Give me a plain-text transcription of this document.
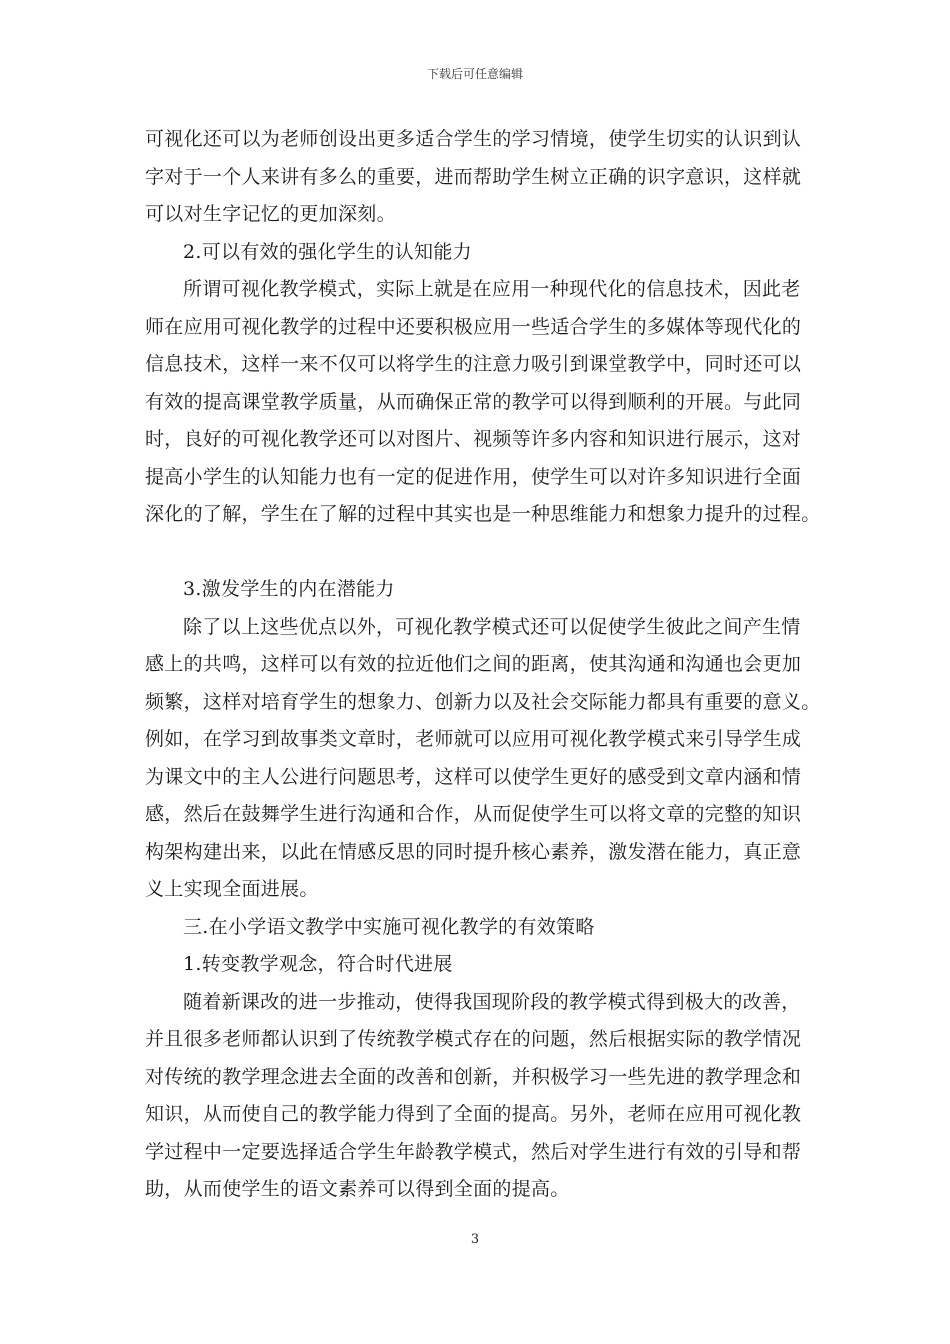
下载后可任意编辑
可视化还可以为老师创设出更多适合学生的学习情境，使学生切实的认识到认
字对于一个人来讲有多么的重要，进而帮助学生树立正确的识字意识，这样就
可以对生字记忆的更加深刻。
2.可以有效的强化学生的认知能力
所谓可视化教学模式，实际上就是在应用一种现代化的信息技术，因此老
师在应用可视化教学的过程中还要积极应用一些适合学生的多媒体等现代化的
信息技术，这样一来不仅可以将学生的注意力吸引到课堂教学中，同时还可以
有效的提高课堂教学质量，从而确保正常的教学可以得到顺利的开展。与此同
时，良好的可视化教学还可以对图片、视频等许多内容和知识进行展示，这对
提高小学生的认知能力也有一定的促进作用，使学生可以对许多知识进行全面
深化的了解，学生在了解的过程中其实也是一种思维能力和想象力提升的过程。
3.激发学生的内在潜能力
除了以上这些优点以外，可视化教学模式还可以促使学生彼此之间产生情
感上的共鸣，这样可以有效的拉近他们之间的距离，使其沟通和沟通也会更加
频繁，这样对培育学生的想象力、创新力以及社会交际能力都具有重要的意义。
例如，在学习到故事类文章时，老师就可以应用可视化教学模式来引导学生成
为课文中的主人公进行问题思考，这样可以使学生更好的感受到文章内涵和情
感，然后在鼓舞学生进行沟通和合作，从而促使学生可以将文章的完整的知识
构架构建出来，以此在情感反思的同时提升核心素养，激发潜在能力，真正意
义上实现全面进展。
三.在小学语文教学中实施可视化教学的有效策略
1.转变教学观念，符合时代进展
随着新课改的进一步推动，使得我国现阶段的教学模式得到极大的改善，
并且很多老师都认识到了传统教学模式存在的问题，然后根据实际的教学情况
对传统的教学理念进去全面的改善和创新，并积极学习一些先进的教学理念和
知识，从而使自己的教学能力得到了全面的提高。另外，老师在应用可视化教
学过程中一定要选择适合学生年龄教学模式，然后对学生进行有效的引导和帮
助，从而使学生的语文素养可以得到全面的提高。
3
